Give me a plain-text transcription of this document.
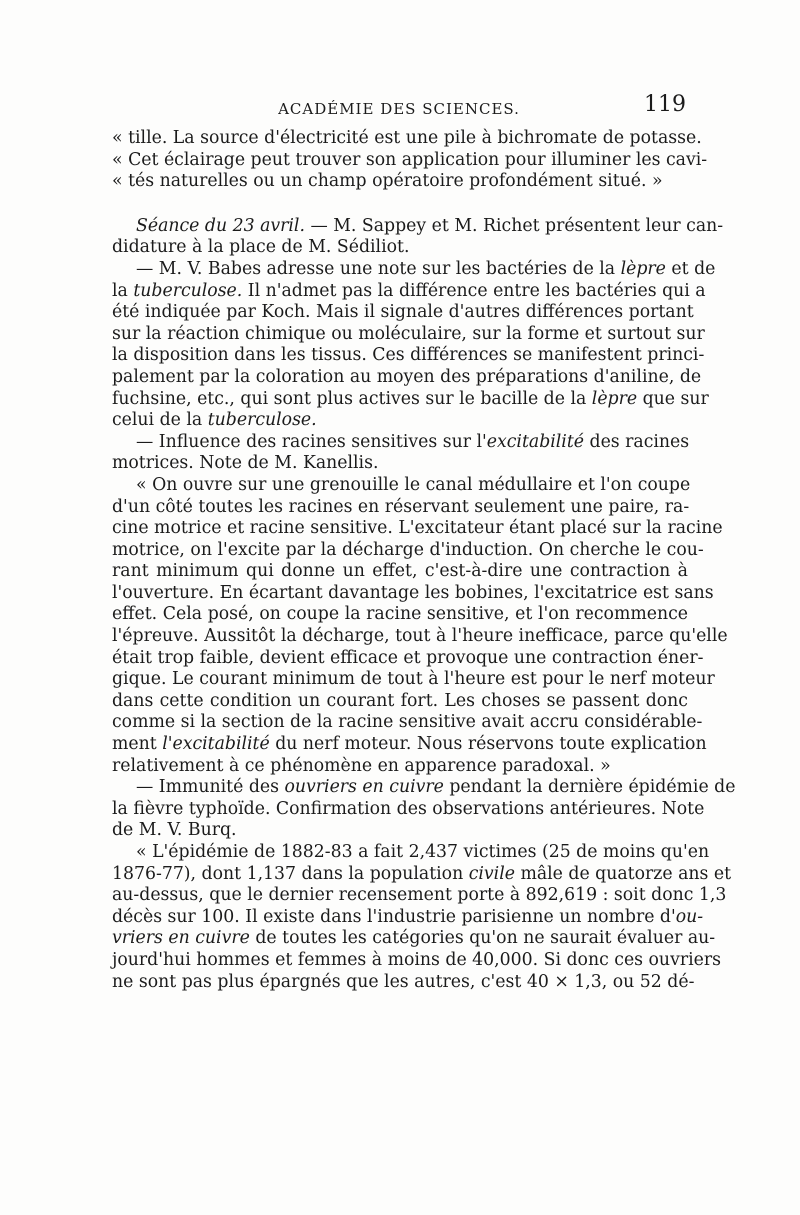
ACADÉMIE DES SCIENCES.	119
« tille. La source d'électricité est une pile à bichromate de potasse.
« Cet éclairage peut trouver son application pour illuminer les cavi-
« tés naturelles ou un champ opératoire profondément situé. »
Séance du 23 avril. — M. Sappey et M. Richet présentent leur can-
didature à la place de M. Sédiliot.
— M. V. Babes adresse une note sur les bactéries de la lèpre et de
la tuberculose. Il n'admet pas la différence entre les bactéries qui a
été indiquée par Koch. Mais il signale d'autres différences portant
sur la réaction chimique ou moléculaire, sur la forme et surtout sur
la disposition dans les tissus. Ces différences se manifestent princi-
palement par la coloration au moyen des préparations d'aniline, de
fuchsine, etc., qui sont plus actives sur le bacille de la lèpre que sur
celui de la tuberculose.
— Influence des racines sensitives sur l'excitabilité des racines
motrices. Note de M. Kanellis.
« On ouvre sur une grenouille le canal médullaire et l'on coupe
d'un côté toutes les racines en réservant seulement une paire, ra-
cine motrice et racine sensitive. L'excitateur étant placé sur la racine
motrice, on l'excite par la décharge d'induction. On cherche le cou-
rant minimum qui donne un effet, c'est-à-dire une contraction à
l'ouverture. En écartant davantage les bobines, l'excitatrice est sans
effet. Cela posé, on coupe la racine sensitive, et l'on recommence
l'épreuve. Aussitôt la décharge, tout à l'heure inefficace, parce qu'elle
était trop faible, devient efficace et provoque une contraction éner-
gique. Le courant minimum de tout à l'heure est pour le nerf moteur
dans cette condition un courant fort. Les choses se passent donc
comme si la section de la racine sensitive avait accru considérable-
ment l'excitabilité du nerf moteur. Nous réservons toute explication
relativement à ce phénomène en apparence paradoxal. »
— Immunité des ouvriers en cuivre pendant la dernière épidémie de
la fièvre typhoïde. Confirmation des observations antérieures. Note
de M. V. Burq.
« L'épidémie de 1882-83 a fait 2,437 victimes (25 de moins qu'en
1876-77), dont 1,137 dans la population civile mâle de quatorze ans et
au-dessus, que le dernier recensement porte à 892,619 : soit donc 1,3
décès sur 100. Il existe dans l'industrie parisienne un nombre d'ou-
vriers en cuivre de toutes les catégories qu'on ne saurait évaluer au-
jourd'hui hommes et femmes à moins de 40,000. Si donc ces ouvriers
ne sont pas plus épargnés que les autres, c'est 40 × 1,3, ou 52 dé-
